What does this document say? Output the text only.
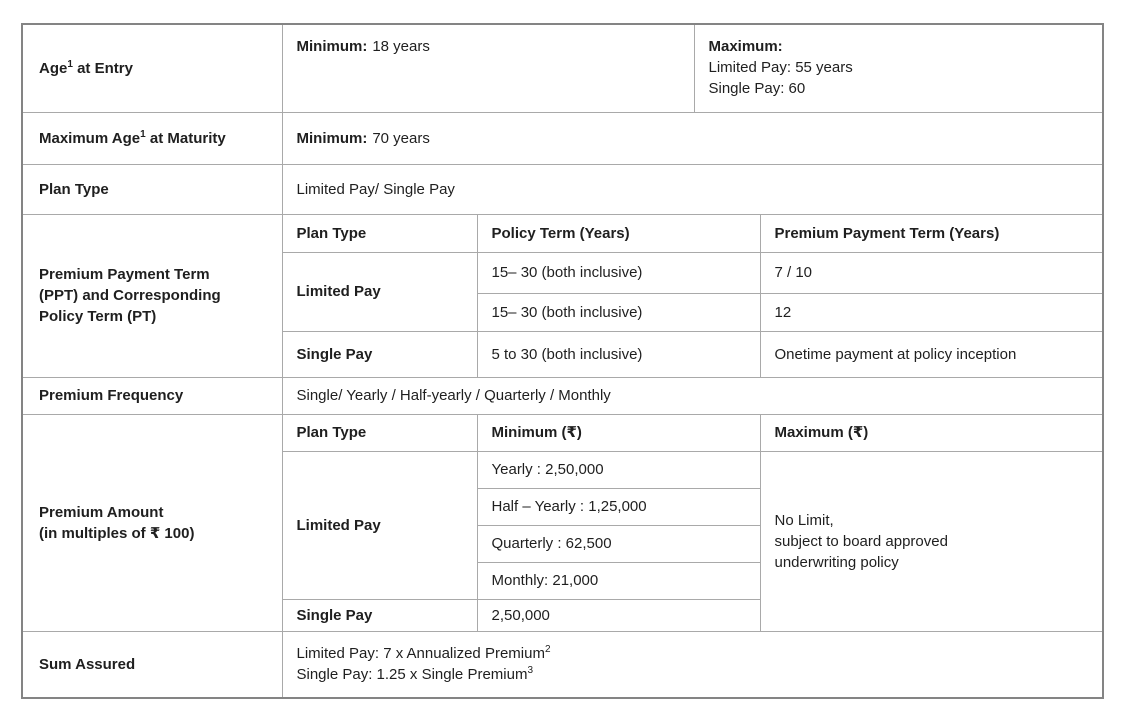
Age$^1$ at Entry	Minimum: 18 years		Maximum:
Limited Pay: 55 years
Single Pay: 60	

Maximum Age$^1$ at Maturity	Minimum: 70 years			
Plan Type	Limited Pay/ Single Pay			

Premium Payment Term
(PPT) and Corresponding
Policy Term (PT)	Plan Type	Policy Term (Years)		Premium Payment Term (Years)
	Limited Pay	15– 30 (both inclusive)		7 / 10
		15– 30 (both inclusive)		12
	Single Pay	5 to 30 (both inclusive)		Onetime payment at policy inception
Premium Frequency	Single/ Yearly / Half-yearly / Quarterly / Monthly			

Premium Amount
(in multiples of ₹ 100)	Plan Type	Minimum (₹)		Maximum (₹)
	Limited Pay	Yearly : 2,50,000		No Limit,
subject to board approved
underwriting policy

		Half – Yearly : 1,25,000		
		Quarterly : 62,500		
		Monthly: 21,000		
	Single Pay	2,50,000		
Sum Assured	Limited Pay: 7 x Annualized Premium$^2$
Single Pay: 1.25 x Single Premium$^3$
